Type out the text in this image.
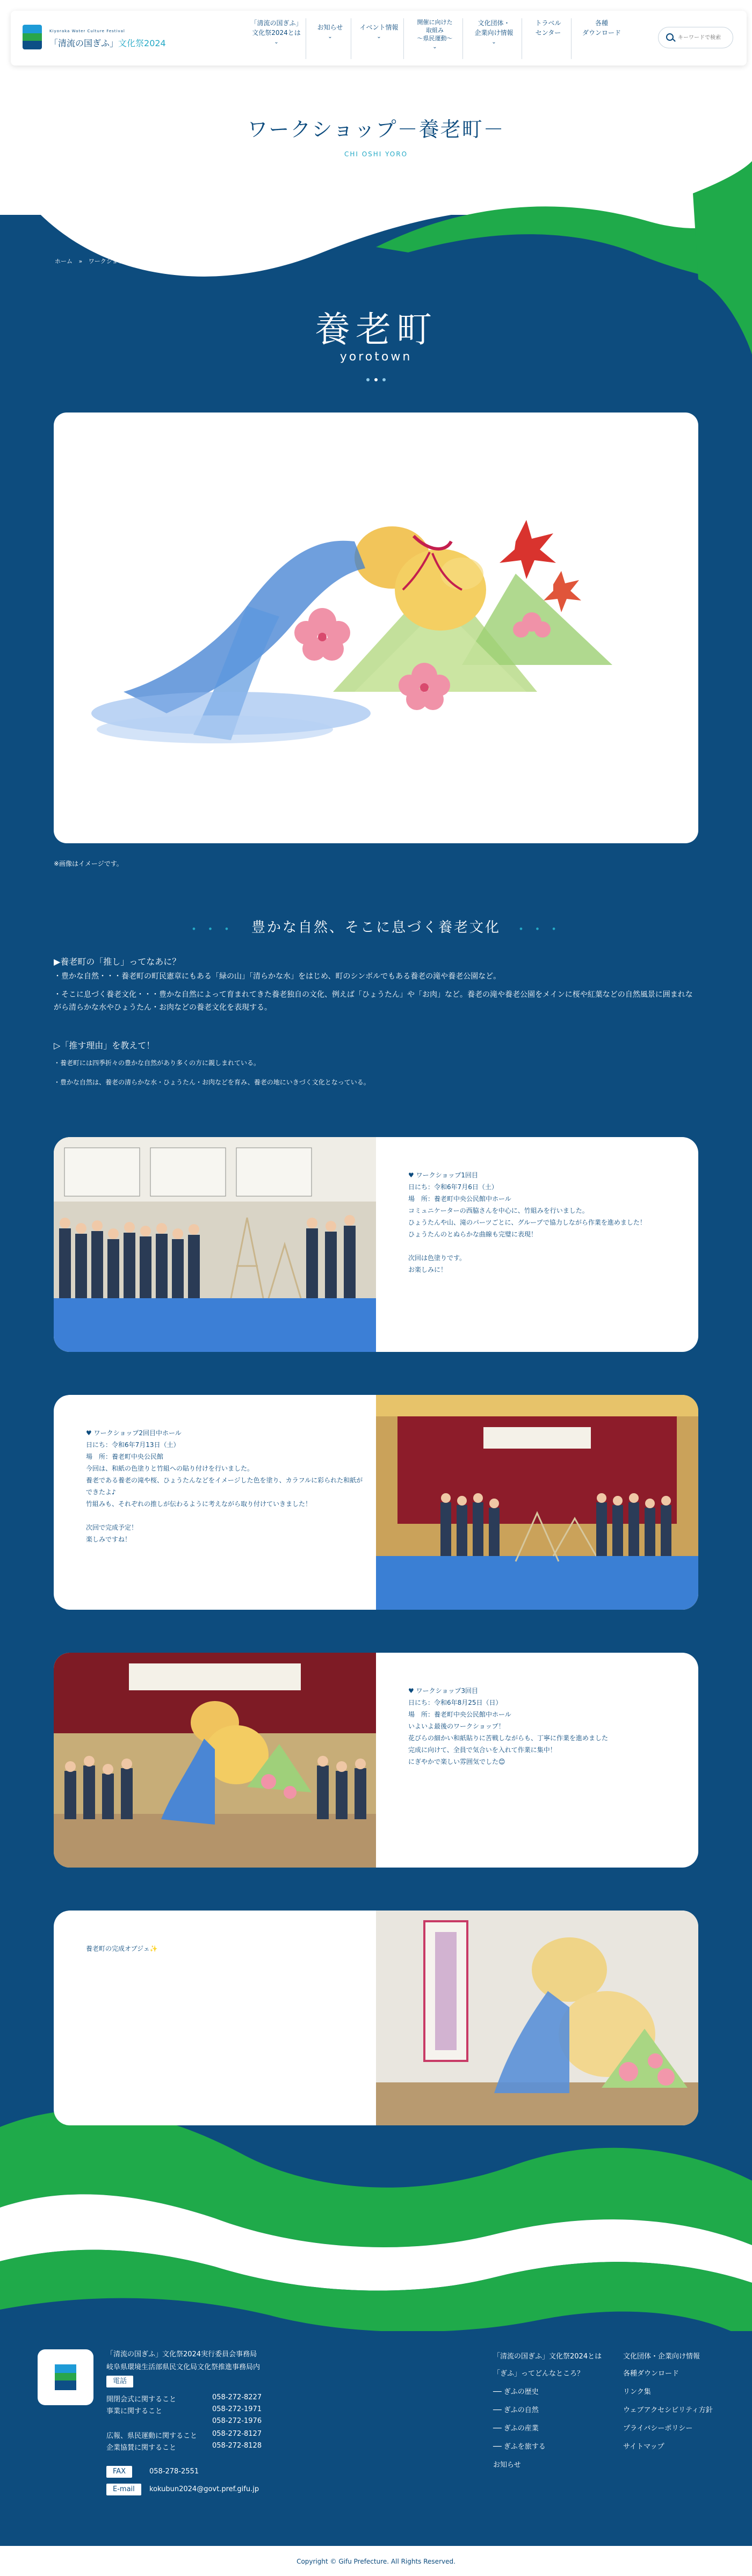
Kiyoraka Water Culture Festival
「清流の国ぎふ」文化祭2024
「清流の国ぎふ」
文化祭2024とは
⌄
お知らせ
⌄
イベント情報
⌄
開催に向けた
取組み
～県民運動～
⌄
文化団体・
企業向け情報
⌄
トラベル
センター
各種
ダウンロード
キーワードで検索
ワークショップ－養老町－
CHI OSHI YORO
ホーム » ワークショップ－養老町－
養老町
yorotown
※画像はイメージです。
• • • 豊かな自然、そこに息づく養老文化 • • •
▶養老町の「推し」ってなあに？
・豊かな自然・・・養老町の町民憲章にもある「緑の山」「清らかな水」をはじめ、町のシンボルでもある養老の滝や養老公園など。
・そこに息づく養老文化・・・豊かな自然によって育まれてきた養老独自の文化、例えば「ひょうたん」や「お肉」など。養老の滝や養老公園をメインに桜や紅葉などの自然風景に囲まれながら清らかな水やひょうたん・お肉などの養老文化を表現する。
▷「推す理由」を教えて！
・養老町には四季折々の豊かな自然があり多くの方に親しまれている。
・豊かな自然は、養老の清らかな水・ひょうたん・お肉などを育み、養老の地にいきづく文化となっている。
♥ ワークショップ1回目
日にち：令和6年7月6日（土）
場　所：養老町中央公民館中ホール
コミュニケーターの西脇さんを中心に、竹組みを行いました。
ひょうたんや山、滝のパーツごとに、グループで協力しながら作業を進めました！
ひょうたんのとぬらかな曲線も完璧に表現！
次回は色塗りです。
お楽しみに！
♥ ワークショップ2回目中ホール
日にち：令和6年7月13日（土）
場　所：養老町中央公民館
今回は、和紙の色塗りと竹組への貼り付けを行いました。
養老である養老の滝や桜、ひょうたんなどをイメージした色を塗り、カラフルに彩られた和紙ができたよ♪
竹組みも、それぞれの推しが伝わるように考えながら取り付けていきました！
次回で完成予定！
楽しみですね！
♥ ワークショップ3回目
日にち：令和6年8月25日（日）
場　所：養老町中央公民館中ホール
いよいよ最後のワークショップ！
花びらの細かい和紙貼りに苦戦しながらも、丁寧に作業を進めました
完成に向けて、全員で気合いを入れて作業に集中！
にぎやかで楽しい雰囲気でした😊
養老町の完成オブジェ✨
「清流の国ぎふ」文化祭2024実行委員会事務局
岐阜県環境生活部県民文化局文化祭推進事務局内
電話
開閉会式に関すること	058-272-8227
事業に関すること	058-272-1971
058-272-1976
広報、県民運動に関すること 058-272-8127
企業協賛に関すること	058-272-8128
FAX	058-278-2551
E-mail	kokubun2024@govt.pref.gifu.jp
「清流の国ぎふ」文化祭2024とは
「ぎふ」ってどんなところ？
── ぎふの歴史
── ぎふの自然
── ぎふの産業
── ぎふを旅する
お知らせ
文化団体・企業向け情報
各種ダウンロード
リンク集
ウェブアクセシビリティ方針
プライバシーポリシー
サイトマップ
Copyright © Gifu Prefecture. All Rights Reserved.
